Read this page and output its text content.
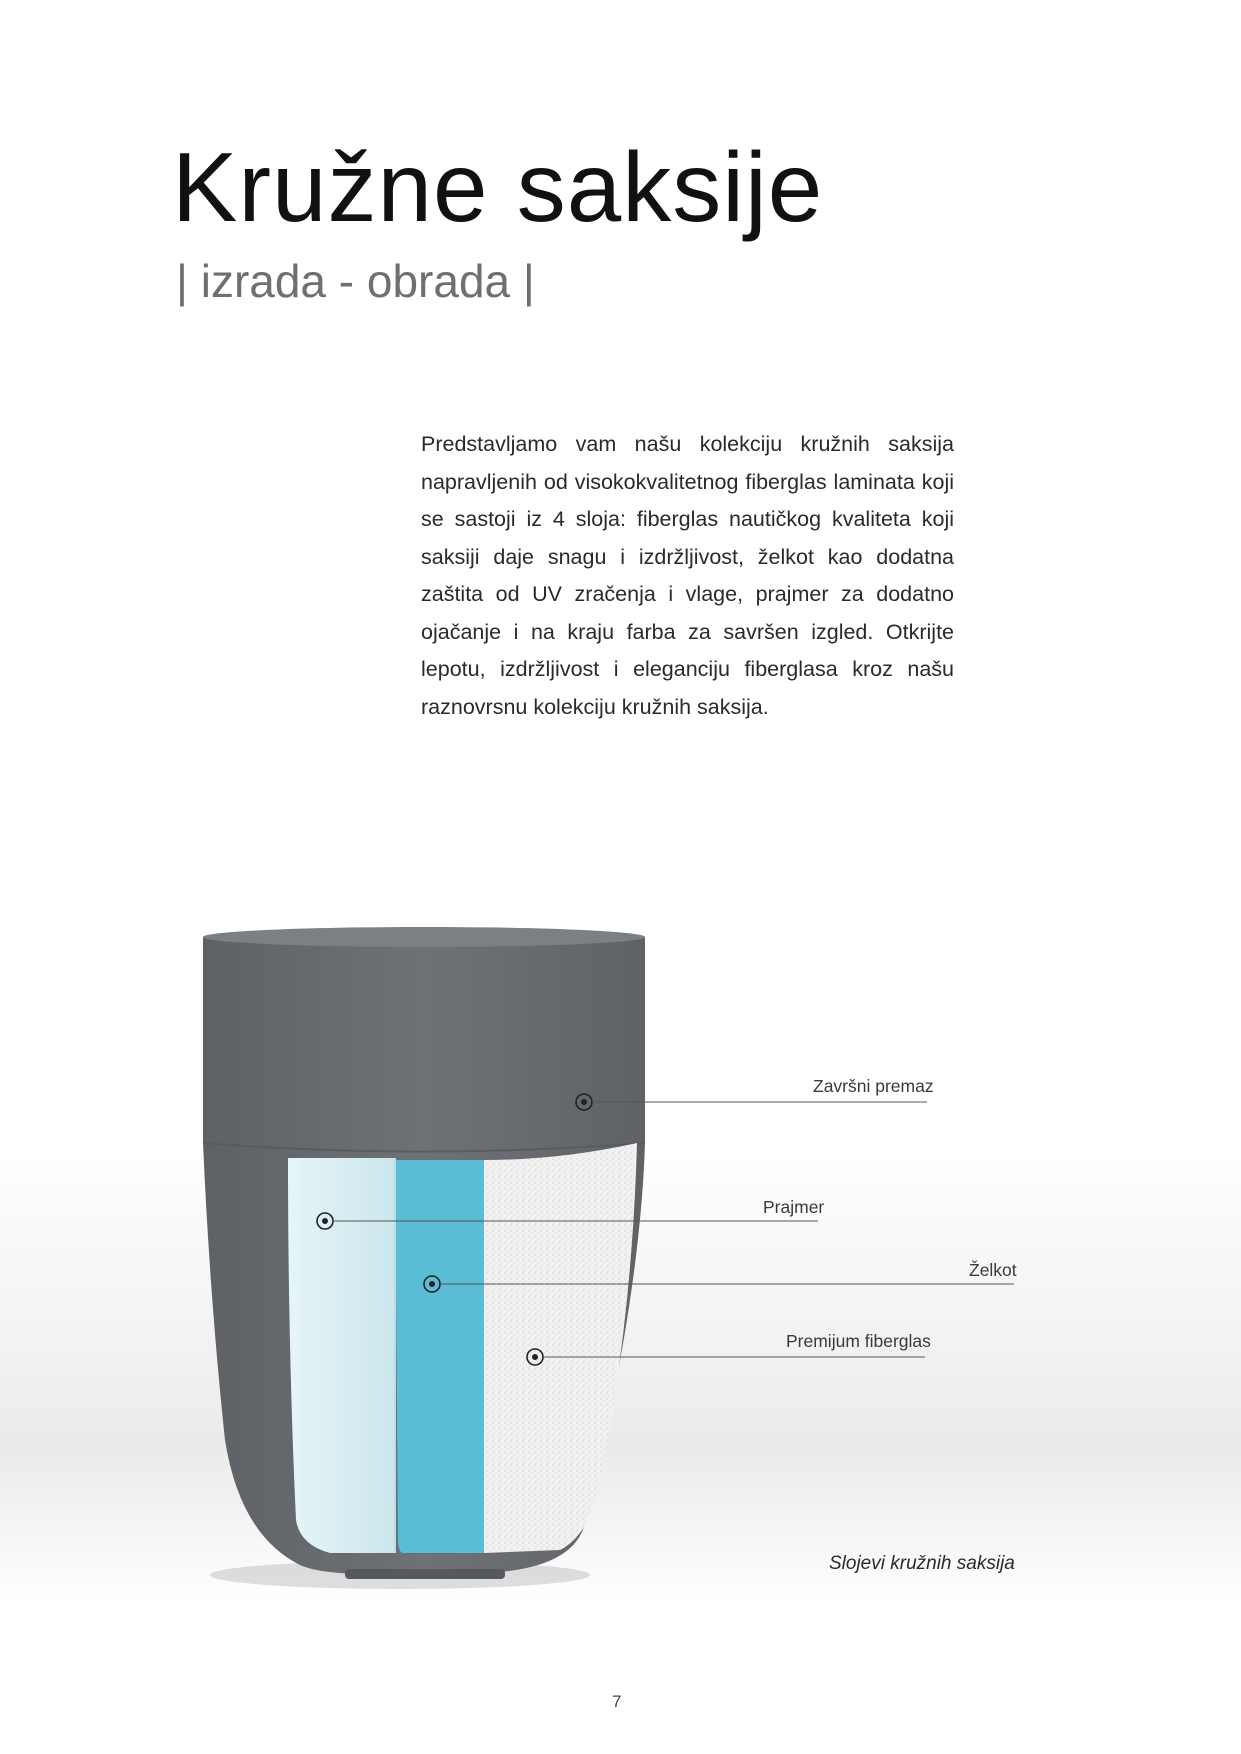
Kružne saksije
| izrada - obrada |

Predstavljamo vam našu kolekciju kružnih saksija napravljenih od visokokvalitetnog fiberglas laminata koji se sastoji iz 4 sloja: fiberglas nautičkog kvaliteta koji saksiji daje snagu i izdržljivost, želkot kao dodatna zaštita od UV zračenja i vlage, prajmer za dodatno ojačanje i na kraju farba za savršen izgled. Otkrijte lepotu, izdržljivost i eleganciju fiberglasa kroz našu raznovrsnu kolekciju kružnih saksija.

Završni premaz
Prajmer
Želkot
Premijum fiberglas
Slojevi kružnih saksija
7
